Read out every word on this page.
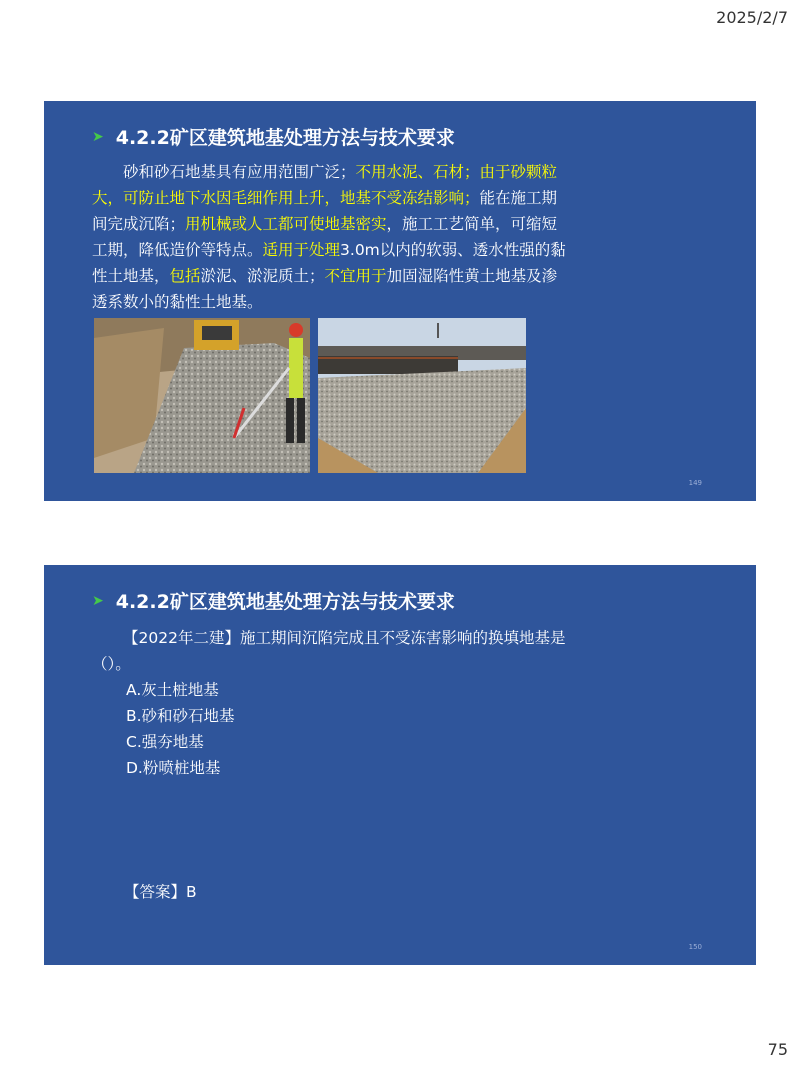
2025/2/7
➤ 4.2.2矿区建筑地基处理方法与技术要求

砂和砂石地基具有应用范围广泛；不用水泥、石材；由于砂颗粒大，可防止地下水因毛细作用上升，地基不受冻结影响；能在施工期间完成沉陷；用机械或人工都可使地基密实，施工工艺简单，可缩短工期，降低造价等特点。适用于处理3.0m以内的软弱、透水性强的黏性土地基，包括淤泥、淤泥质土；不宜用于加固湿陷性黄土地基及渗透系数小的黏性土地基。

149
➤ 4.2.2矿区建筑地基处理方法与技术要求
【2022年二建】施工期间沉陷完成且不受冻害影响的换填地基是（）。
A.灰土桩地基
B.砂和砂石地基
C.强夯地基
D.粉喷桩地基
【答案】B
150
75
